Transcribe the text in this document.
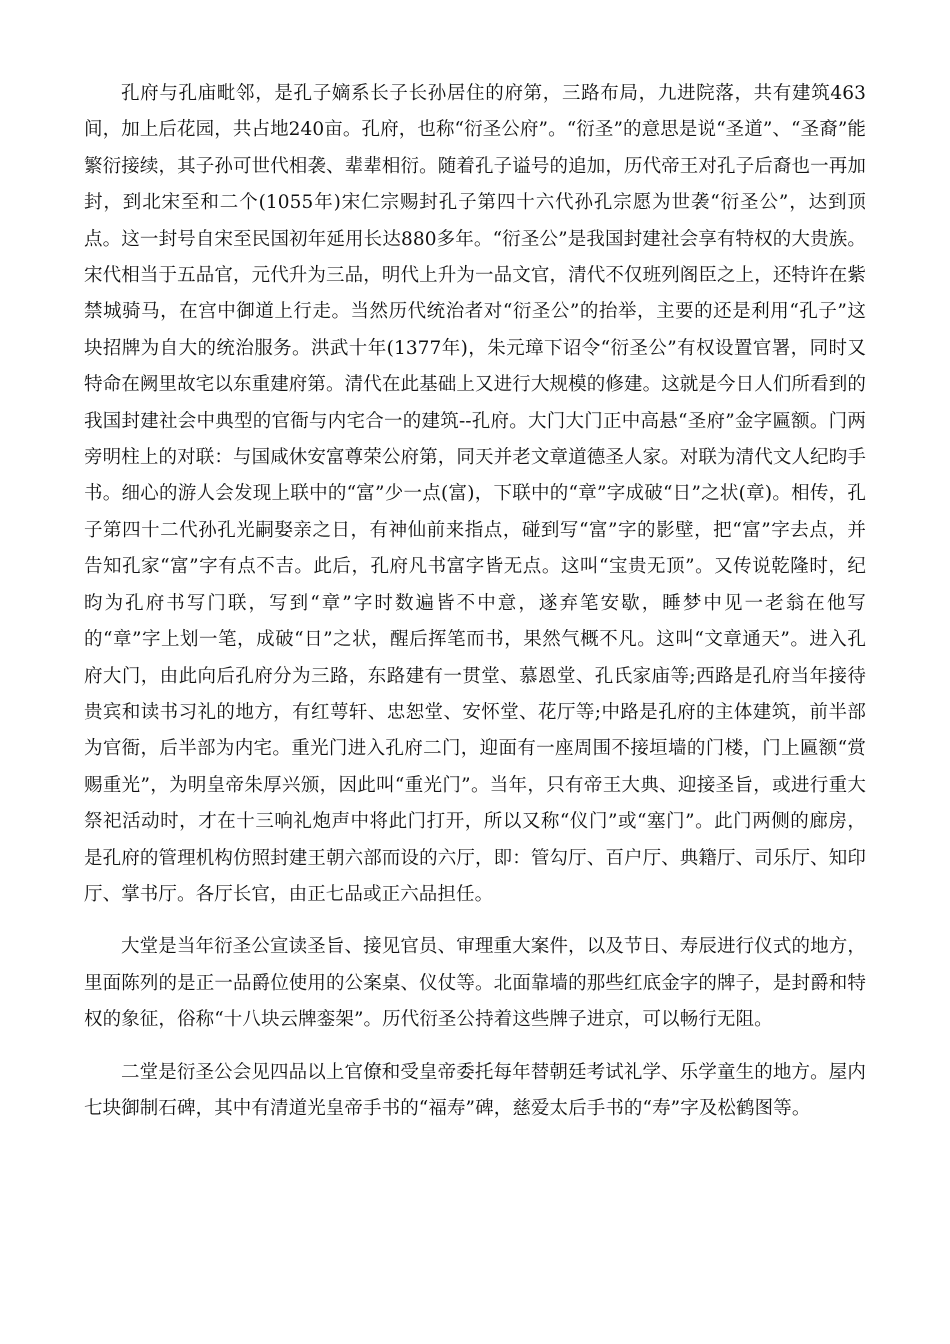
孔府与孔庙毗邻，是孔子嫡系长子长孙居住的府第，三路布局，九进院落，共有建筑463间，加上后花园，共占地240亩。孔府，也称“衍圣公府”。“衍圣”的意思是说“圣道”、“圣裔”能繁衍接续，其子孙可世代相袭、辈辈相衍。随着孔子谥号的追加，历代帝王对孔子后裔也一再加封，到北宋至和二个(1055年)宋仁宗赐封孔子第四十六代孙孔宗愿为世袭“衍圣公”，达到顶点。这一封号自宋至民国初年延用长达880多年。“衍圣公”是我国封建社会享有特权的大贵族。宋代相当于五品官，元代升为三品，明代上升为一品文官，清代不仅班列阁臣之上，还特许在紫禁城骑马，在宫中御道上行走。当然历代统治者对“衍圣公”的抬举，主要的还是利用“孔子”这块招牌为自大的统治服务。洪武十年(1377年)，朱元璋下诏令“衍圣公”有权设置官署，同时又特命在阙里故宅以东重建府第。清代在此基础上又进行大规模的修建。这就是今日人们所看到的我国封建社会中典型的官衙与内宅合一的建筑--孔府。大门大门正中高悬“圣府”金字匾额。门两旁明柱上的对联：与国咸休安富尊荣公府第，同天并老文章道德圣人家。对联为清代文人纪昀手书。细心的游人会发现上联中的“富”少一点(富)，下联中的“章”字成破“日”之状(章)。相传，孔子第四十二代孙孔光嗣娶亲之日，有神仙前来指点，碰到写“富”字的影壁，把“富”字去点，并告知孔家“富”字有点不吉。此后，孔府凡书富字皆无点。这叫“宝贵无顶”。又传说乾隆时，纪昀为孔府书写门联，写到“章”字时数遍皆不中意，遂弃笔安歇，睡梦中见一老翁在他写的“章”字上划一笔，成破“日”之状，醒后挥笔而书，果然气概不凡。这叫“文章通天”。进入孔府大门，由此向后孔府分为三路，东路建有一贯堂、慕恩堂、孔氏家庙等;西路是孔府当年接待贵宾和读书习礼的地方，有红萼轩、忠恕堂、安怀堂、花厅等;中路是孔府的主体建筑，前半部为官衙，后半部为内宅。重光门进入孔府二门，迎面有一座周围不接垣墙的门楼，门上匾额“赏赐重光”，为明皇帝朱厚兴颁，因此叫“重光门”。当年，只有帝王大典、迎接圣旨，或进行重大祭祀活动时，才在十三响礼炮声中将此门打开，所以又称“仪门”或“塞门”。此门两侧的廊房，是孔府的管理机构仿照封建王朝六部而设的六厅，即：管勾厅、百户厅、典籍厅、司乐厅、知印厅、掌书厅。各厅长官，由正七品或正六品担任。

大堂是当年衍圣公宣读圣旨、接见官员、审理重大案件，以及节日、寿辰进行仪式的地方，里面陈列的是正一品爵位使用的公案桌、仪仗等。北面靠墙的那些红底金字的牌子，是封爵和特权的象征，俗称“十八块云牌銮架”。历代衍圣公持着这些牌子进京，可以畅行无阻。

二堂是衍圣公会见四品以上官僚和受皇帝委托每年替朝廷考试礼学、乐学童生的地方。屋内七块御制石碑，其中有清道光皇帝手书的“福寿”碑，慈爱太后手书的“寿”字及松鹤图等。
